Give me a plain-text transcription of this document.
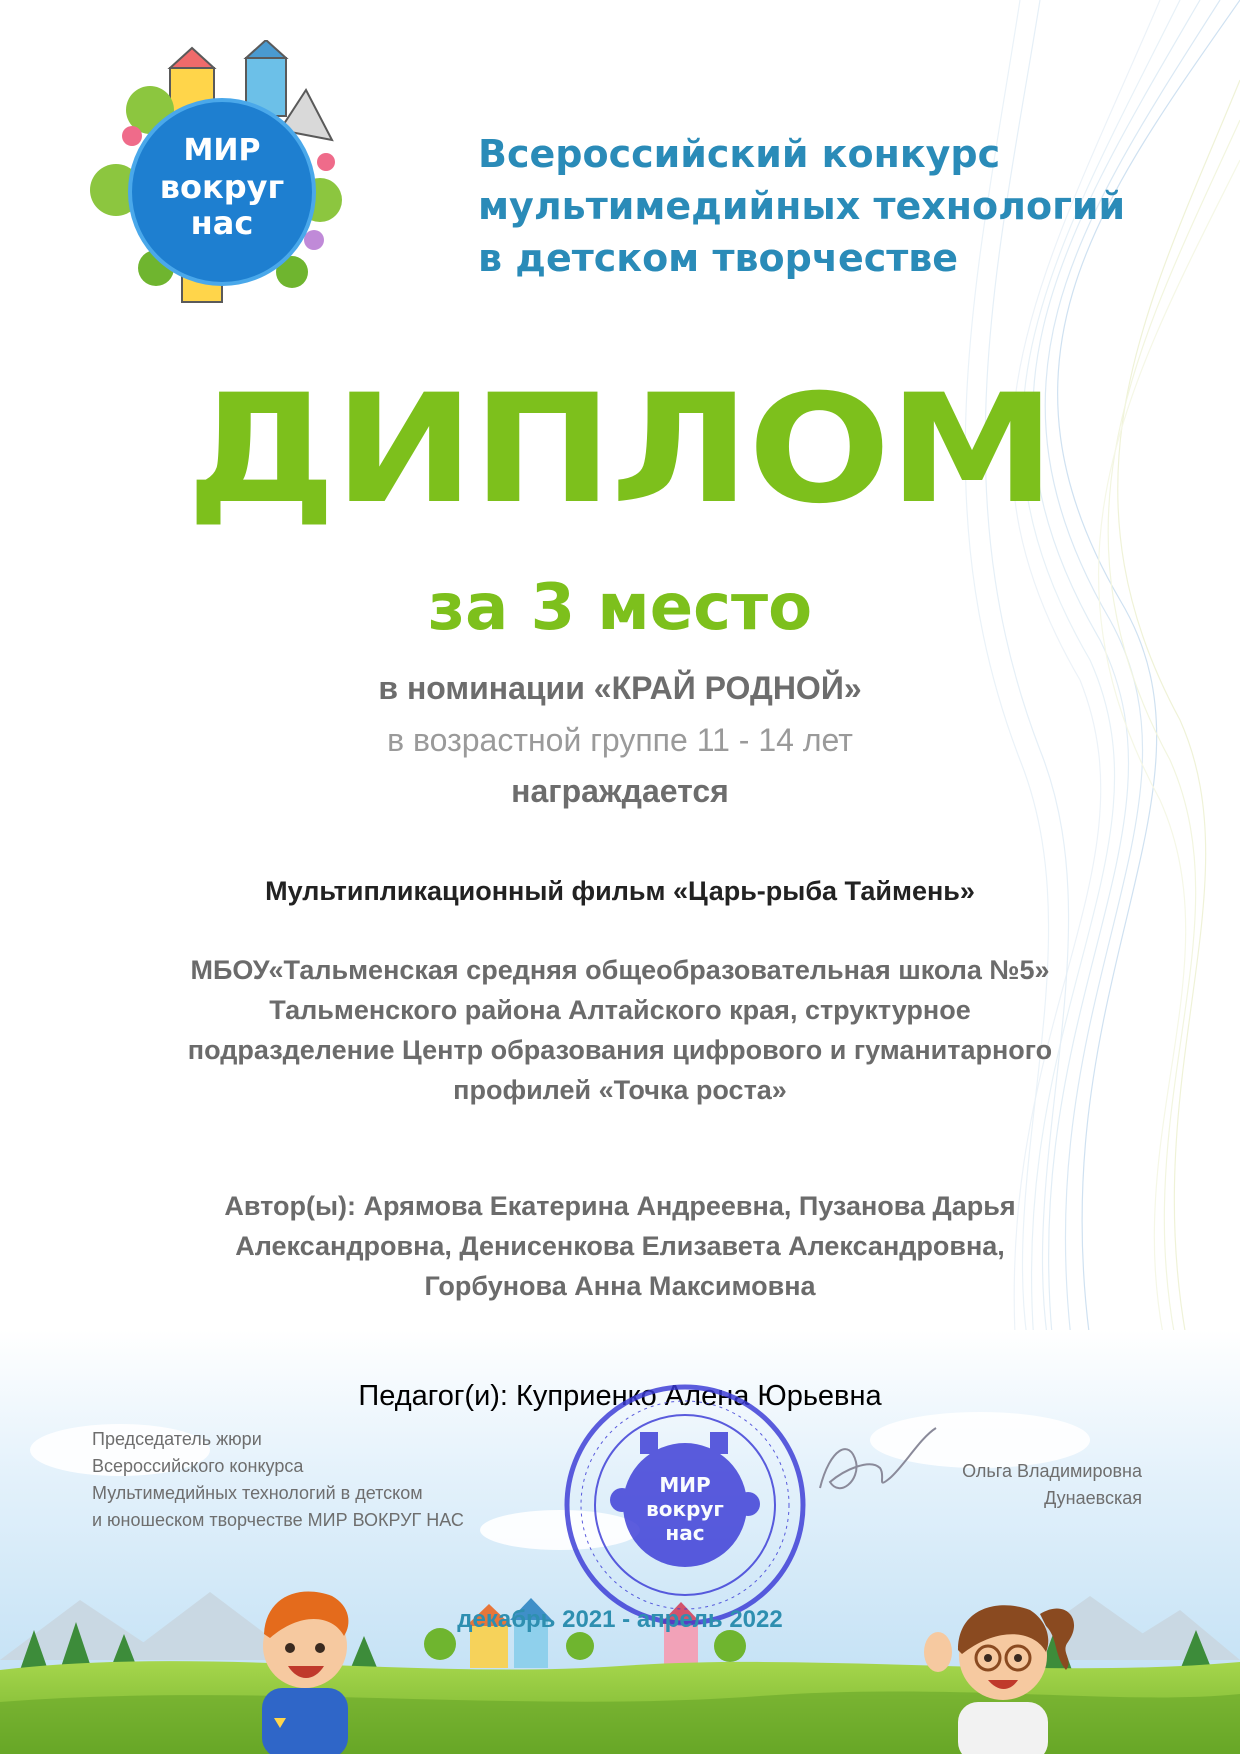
МИР
вокруг
нас
Всероссийский конкурс
мультимедийных технологий
в детском творчестве
ДИПЛОМ
за 3 место
в номинации «КРАЙ РОДНОЙ»
в возрастной группе 11 - 14 лет
награждается
Мультипликационный фильм «Царь-рыба Таймень»
МБОУ«Тальменская средняя общеобразовательная школа №5»
Тальменского района Алтайского края, структурное
подразделение Центр образования цифрового и гуманитарного
профилей «Точка роста»
Автор(ы): Арямова Екатерина Андреевна, Пузанова Дарья
Александровна, Денисенкова Елизавета Александровна,
Горбунова Анна Максимовна
Педагог(и): Куприенко Алена Юрьевна
Председатель жюри
Всероссийского конкурса
Мультимедийных технологий в детском
и юношеском творчестве МИР ВОКРУГ НАС
Ольга Владимировна
Дунаевская
МИР
вокруг
нас
декабрь 2021 - апрель 2022
